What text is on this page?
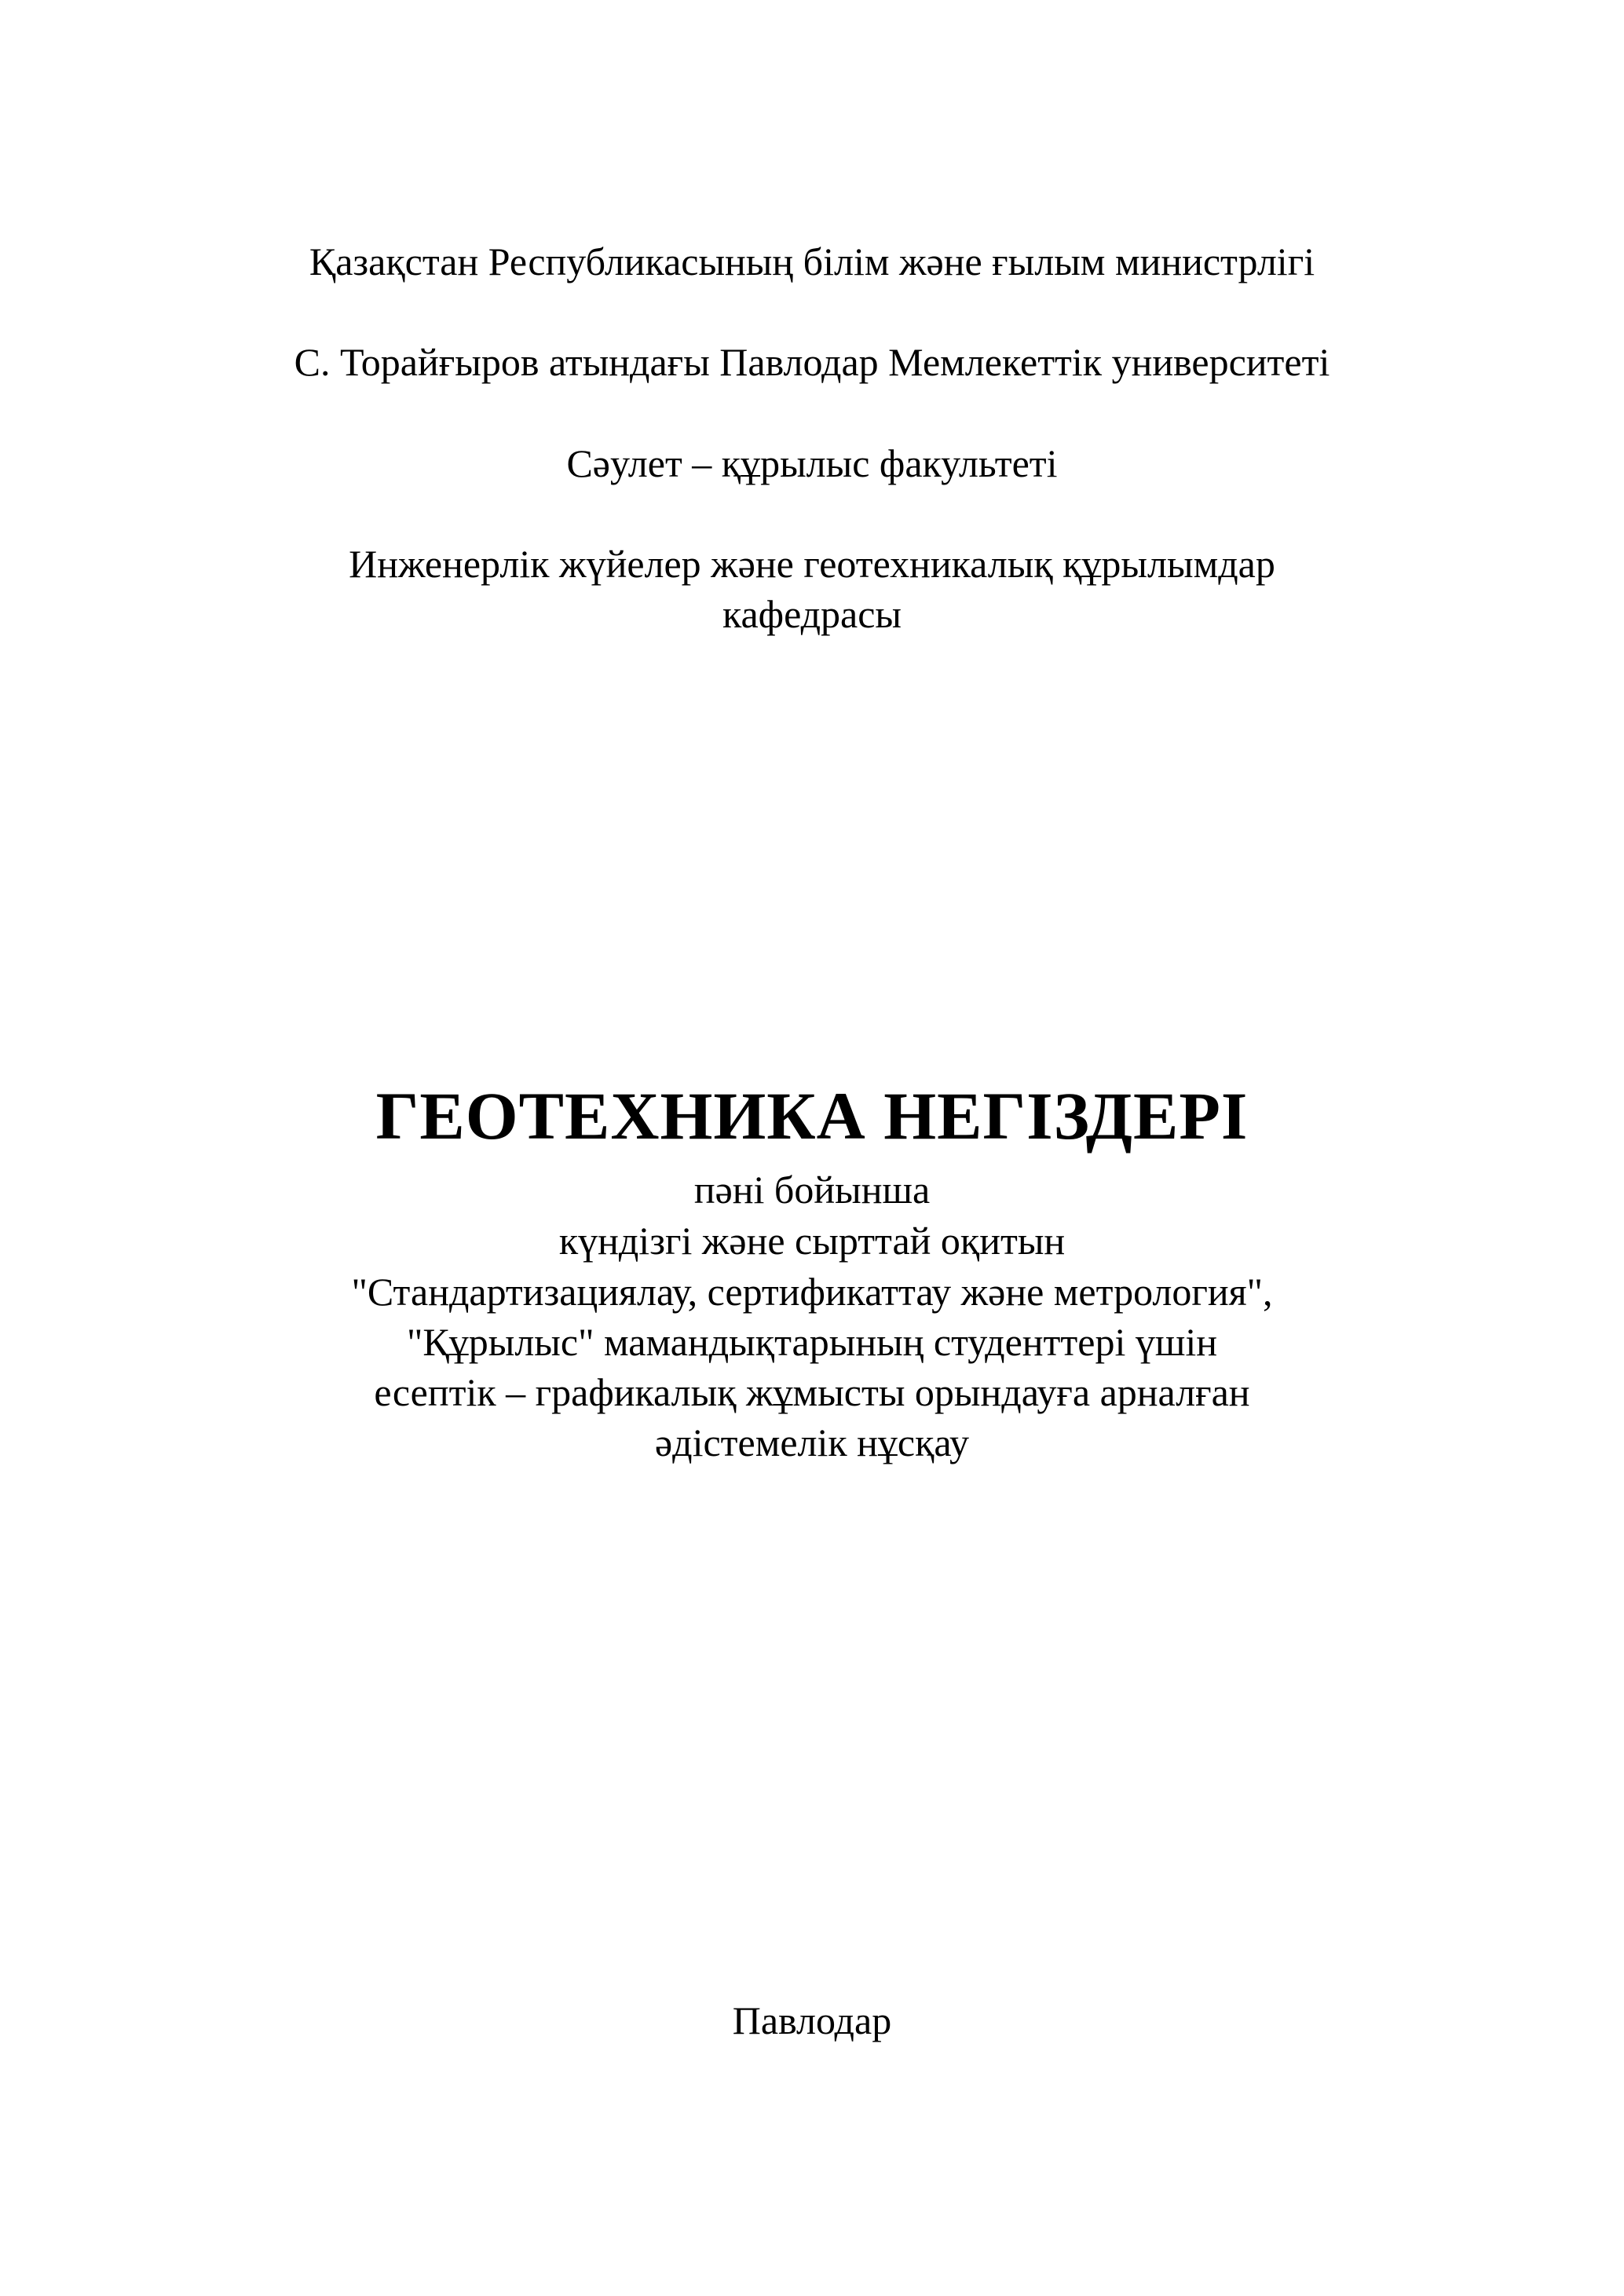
Қазақстан Республикасының білім және ғылым министрлігі
С. Торайғыров атындағы Павлодар Мемлекеттік университеті
Сәулет – құрылыс факультеті
Инженерлік жүйелер және геотехникалық құрылымдар
кафедрасы
ГЕОТЕХНИКА НЕГІЗДЕРІ
пәні бойынша
күндізгі және сырттай оқитын
"Стандартизациялау, сертификаттау және метрология",
"Құрылыс" мамандықтарының студенттері үшін
есептік – графикалық жұмысты орындауға арналған
әдістемелік нұсқау
Павлодар
